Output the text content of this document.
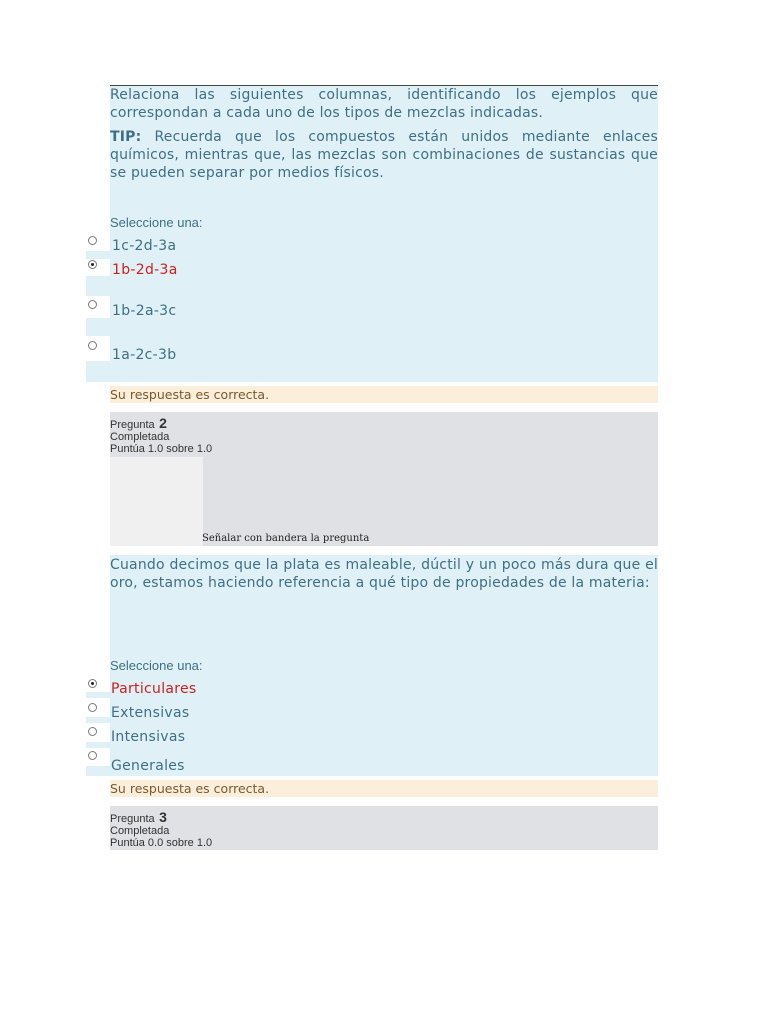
Relaciona las siguientes columnas, identificando los ejemplos que correspondan a cada uno de los tipos de mezclas indicadas.
TIP: Recuerda que los compuestos están unidos mediante enlaces químicos, mientras que, las mezclas son combinaciones de sustancias que se pueden separar por medios físicos.
Seleccione una:
1c-2d-3a
1b-2d-3a
1b-2a-3c
1a-2c-3b
Su respuesta es correcta.
Pregunta 2
Completada
Puntúa 1.0 sobre 1.0
Señalar con bandera la pregunta
Cuando decimos que la plata es maleable, dúctil y un poco más dura que el oro, estamos haciendo referencia a qué tipo de propiedades de la materia:
Seleccione una:
Particulares
Extensivas
Intensivas
Generales
Su respuesta es correcta.
Pregunta 3
Completada
Puntúa 0.0 sobre 1.0
